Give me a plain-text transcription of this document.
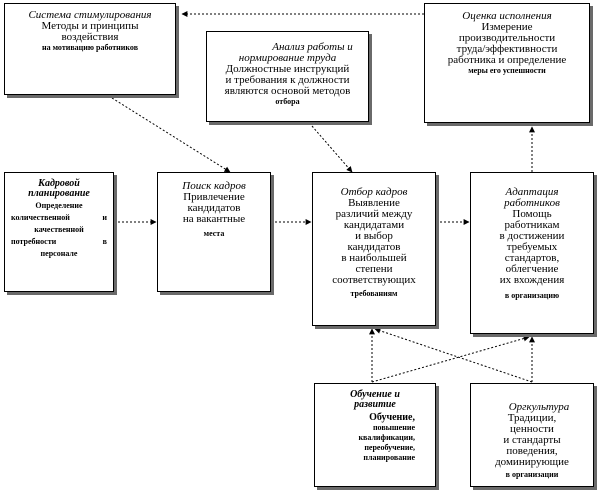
Система стимулирования
Методы и принципы
воздействия
на мотивацию работников	Анализ работы и
нормирование труда
Должностные инструкций
и требования к должности
являются основой методов
отбора
Оценка исполнения
Измерение
производительности
труда/эффективности
работника и определение
меры его успешности
Кадровой
планирование
Определение
количественной и
качественной
потребности в
персонале
Поиск кадров
Привлечение
кандидатов
на вакантные
места
Отбор кадров
Выявление
различий между
кандидатами
и выбор
кандидатов
в наибольшей
степени
соответствующих
требованиям
Адаптация
работников
Помощь
работникам
в достижении
требуемых
стандартов,
облегчение
их вхождения
в организацию
Обучение и
развитие
Обучение,
повышение
квалификации,
переобучение,
планирование
Оргкультура
Традиции,
ценности
и стандарты
поведения,
доминирующие
в организации
